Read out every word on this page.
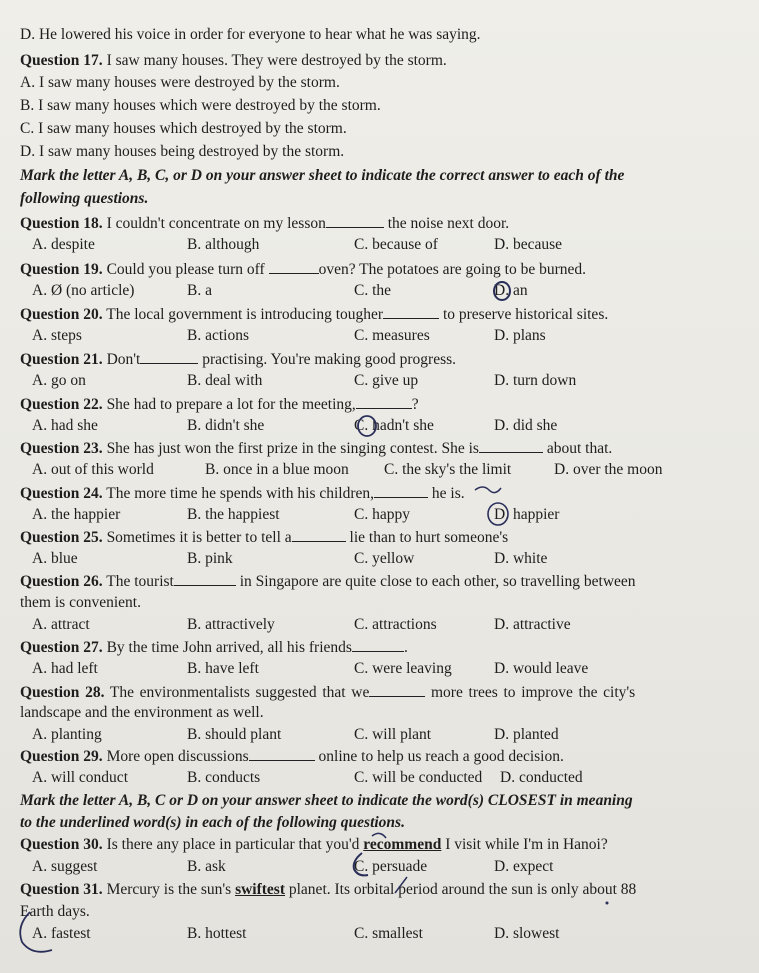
D. He lowered his voice in order for everyone to hear what he was saying.
Question 17. I saw many houses. They were destroyed by the storm.
A. I saw many houses were destroyed by the storm.
B. I saw many houses which were destroyed by the storm.
C. I saw many houses which destroyed by the storm.
D. I saw many houses being destroyed by the storm.
Mark the letter A, B, C, or D on your answer sheet to indicate the correct answer to each of the
following questions.
Question 18. I couldn't concentrate on my lesson	the noise next door.
A. despite	B. although	C. because of	D. because
Question 19. Could you please turn off	oven? The potatoes are going to be burned.
A. Ø (no article)	B. a	C. the	D. an
Question 20. The local government is introducing tougher	to preserve historical sites.
A. steps	B. actions	C. measures	D. plans
Question 21. Don't	practising. You're making good progress.
A. go on	B. deal with	C. give up	D. turn down
Question 22. She had to prepare a lot for the meeting,	?
A. had she	B. didn't she	C. hadn't she	D. did she
Question 23. She has just won the first prize in the singing contest. She is	about that.
A. out of this world	B. once in a blue moon C. the sky's the limit	D. over the moon
Question 24. The more time he spends with his children,	he is.
A. the happier	B. the happiest	C. happy	D. happier
Question 25. Sometimes it is better to tell a	lie than to hurt someone's
A. blue	B. pink	C. yellow	D. white
Question 26. The tourist	in Singapore are quite close to each other, so travelling between
them is convenient.
A. attract	B. attractively	C. attractions	D. attractive
Question 27. By the time John arrived, all his friends	.
A. had left	B. have left	C. were leaving	D. would leave
Question 28. The environmentalists suggested that we	more trees to improve the city's
landscape and the environment as well.
A. planting	B. should plant	C. will plant	D. planted
Question 29. More open discussions	online to help us reach a good decision.
A. will conduct	B. conducts	C. will be conducted D. conducted
Mark the letter A, B, C or D on your answer sheet to indicate the word(s) CLOSEST in meaning
to the underlined word(s) in each of the following questions.
Question 30. Is there any place in particular that you'd recommend I visit while I'm in Hanoi?
A. suggest	B. ask	C. persuade	D. expect
Question 31. Mercury is the sun's swiftest planet. Its orbital period around the sun is only about 88
Earth days.
A. fastest	B. hottest	C. smallest	D. slowest
